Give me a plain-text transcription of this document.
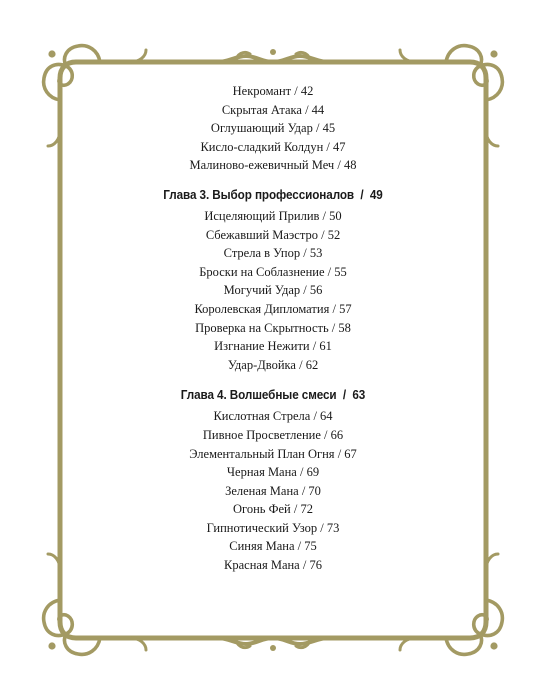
Некромант / 42
Скрытая Атака / 44
Оглушающий Удар / 45
Кисло-сладкий Колдун / 47
Малиново-ежевичный Меч / 48
Глава 3. Выбор профессионалов  /  49
Исцеляющий Прилив / 50
Сбежавший Маэстро / 52
Стрела в Упор / 53
Броски на Соблазнение / 55
Могучий Удар / 56
Королевская Дипломатия / 57
Проверка на Скрытность / 58
Изгнание Нежити / 61
Удар-Двойка / 62
Глава 4. Волшебные смеси  /  63
Кислотная Стрела / 64
Пивное Просветление / 66
Элементальный План Огня / 67
Черная Мана / 69
Зеленая Мана / 70
Огонь Фей / 72
Гипнотический Узор / 73
Синяя Мана / 75
Красная Мана / 76
